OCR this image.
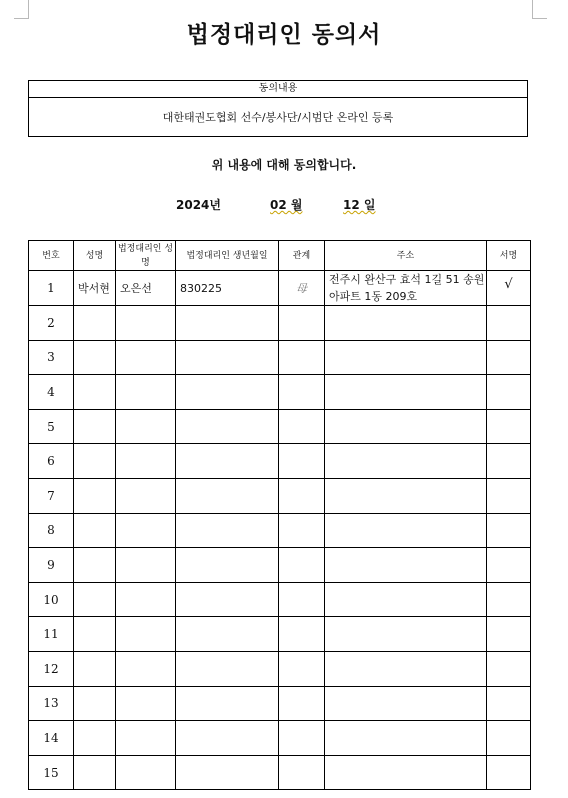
법정대리인 동의서
동의내용
대한태권도협회 선수/봉사단/시범단 온라인 등록
위 내용에 대해 동의합니다.
2024년	02 월	12 일
번호	성명	법정대리인 성명	법정대리인 생년월일	관계	주소	서명
1	박서현	오은선	830225	母	전주시 완산구 효석 1길 51 송원 아파트 1동 209호	√
2						
3						
4						
5						
6						
7						
8						
9						
10						
11						
12						
13						
14						
15						
